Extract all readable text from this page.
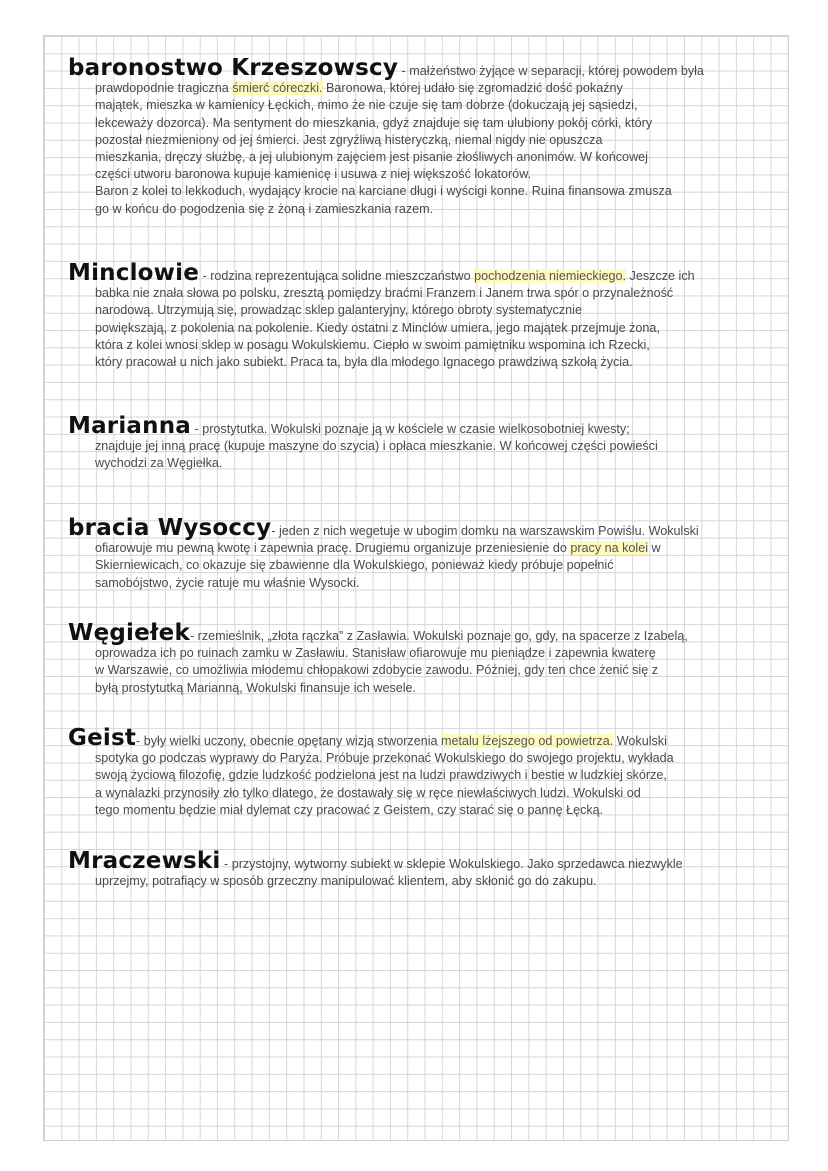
baronostwo Krzeszowscy - małżeństwo żyjące w separacji, której powodem była
prawdopodnie tragiczna śmierć córeczki. Baronowa, której udało się zgromadzić dość pokaźny
majątek, mieszka w kamienicy Łęckich, mimo że nie czuje się tam dobrze (dokuczają jej sąsiedzi,
lekceważy dozorca). Ma sentyment do mieszkania, gdyż znajduje się tam ulubiony pokój córki, który
pozostał niezmieniony od jej śmierci. Jest zgryźliwą histeryczką, niemal nigdy nie opuszcza
mieszkania, dręczy służbę, a jej ulubionym zajęciem jest pisanie złośliwych anonimów. W końcowej
części utworu baronowa kupuje kamienicę i usuwa z niej większość lokatorów.
Baron z kolei to lekkoduch, wydający krocie na karciane długi i wyścigi konne. Ruina finansowa zmusza
go w końcu do pogodzenia się z żoną i zamieszkania razem.
Minclowie - rodzina reprezentująca solidne mieszczaństwo pochodzenia niemieckiego. Jeszcze ich
babka nie znała słowa po polsku, zresztą pomiędzy braćmi Franzem i Janem trwa spór o przynależność
narodową. Utrzymują się, prowadząc sklep galanteryjny, którego obroty systematycznie
powiększają, z pokolenia na pokolenie. Kiedy ostatni z Minclów umiera, jego majątek przejmuje żona,
która z kolei wnosi sklep w posagu Wokulskiemu. Ciepło w swoim pamiętniku wspomina ich Rzecki,
który pracował u nich jako subiekt. Praca ta, była dla młodego Ignacego prawdziwą szkołą życia.
Marianna - prostytutka. Wokulski poznaje ją w kościele w czasie wielkosobotniej kwesty;
znajduje jej inną pracę (kupuje maszyne do szycia) i opłaca mieszkanie. W końcowej części powieści
wychodzi za Węgiełka.
bracia Wysoccy- jeden z nich wegetuje w ubogim domku na warszawskim Powiślu. Wokulski
ofiarowuje mu pewną kwotę i zapewnia pracę. Drugiemu organizuje przeniesienie do pracy na kolei w
Skierniewicach, co okazuje się zbawienne dla Wokulskiego, ponieważ kiedy próbuje popełnić
samobójstwo, życie ratuje mu właśnie Wysocki.
Węgiełek- rzemieślnik, „złota rączka” z Zasławia. Wokulski poznaje go, gdy, na spacerze z Izabelą,
oprowadza ich po ruinach zamku w Zasławiu. Stanisław ofiarowuje mu pieniądze i zapewnia kwaterę
w Warszawie, co umożliwia młodemu chłopakowi zdobycie zawodu. Później, gdy ten chce żenić się z
byłą prostytutką Marianną, Wokulski finansuje ich wesele.
Geist- były wielki uczony, obecnie opętany wizją stworzenia metalu lżejszego od powietrza. Wokulski
spotyka go podczas wyprawy do Paryża. Próbuje przekonać Wokulskiego do swojego projektu, wykłada
swoją życiową filozofię, gdzie ludzkość podzielona jest na ludzi prawdziwych i bestie w ludzkiej skórze,
a wynalazki przynosiły zło tylko dlatego, że dostawały się w ręce niewłaściwych ludzi. Wokulski od
tego momentu będzie miał dylemat czy pracować z Geistem, czy starać się o pannę Łęcką.
Mraczewski - przystojny, wytworny subiekt w sklepie Wokulskiego. Jako sprzedawca niezwykle
uprzejmy, potrafiący w sposób grzeczny manipulować klientem, aby skłonić go do zakupu.
